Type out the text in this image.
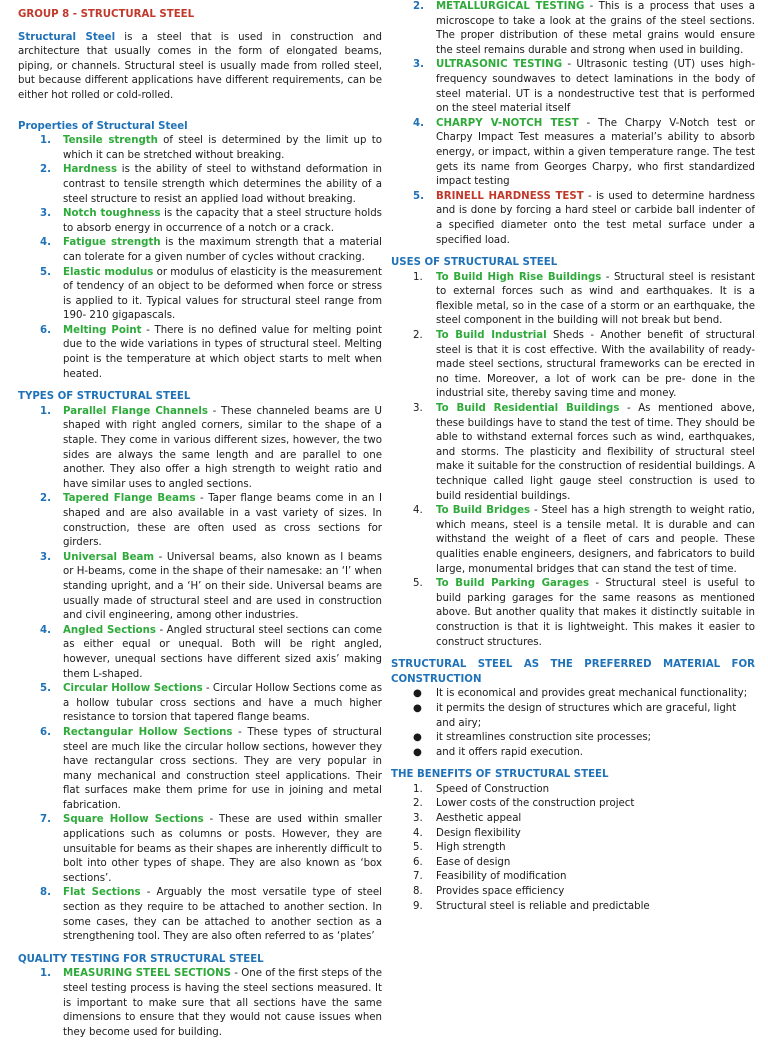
GROUP 8 - STRUCTURAL STEEL

Structural Steel is a steel that is used in construction and architecture that usually comes in the form of elongated beams, piping, or channels. Structural steel is usually made from rolled steel, but because different applications have different requirements, can be either hot rolled or cold-rolled.

Properties of Structural Steel

1. Tensile strength of steel is determined by the limit up to which it can be stretched without breaking.
2. Hardness is the ability of steel to withstand deformation in contrast to tensile strength which determines the ability of a steel structure to resist an applied load without breaking.
3. Notch toughness is the capacity that a steel structure holds to absorb energy in occurrence of a notch or a crack.
4. Fatigue strength is the maximum strength that a material can tolerate for a given number of cycles without cracking.
5. Elastic modulus or modulus of elasticity is the measurement of tendency of an object to be deformed when force or stress is applied to it. Typical values for structural steel range from 190- 210 gigapascals.
6. Melting Point - There is no defined value for melting point due to the wide variations in types of structural steel. Melting point is the temperature at which object starts to melt when heated.

TYPES OF STRUCTURAL STEEL

1. Parallel Flange Channels - These channeled beams are U shaped with right angled corners, similar to the shape of a staple. They come in various different sizes, however, the two sides are always the same length and are parallel to one another. They also offer a high strength to weight ratio and have similar uses to angled sections.
2. Tapered Flange Beams - Taper flange beams come in an I shaped and are also available in a vast variety of sizes. In construction, these are often used as cross sections for girders.
3. Universal Beam - Universal beams, also known as I beams or H-beams, come in the shape of their namesake: an ‘I’ when standing upright, and a ‘H’ on their side. Universal beams are usually made of structural steel and are used in construction and civil engineering, among other industries.
4. Angled Sections - Angled structural steel sections can come as either equal or unequal. Both will be right angled, however, unequal sections have different sized axis’ making them L-shaped.
5. Circular Hollow Sections - Circular Hollow Sections come as a hollow tubular cross sections and have a much higher resistance to torsion that tapered flange beams.
6. Rectangular Hollow Sections - These types of structural steel are much like the circular hollow sections, however they have rectangular cross sections. They are very popular in many mechanical and construction steel applications. Their flat surfaces make them prime for use in joining and metal fabrication.
7. Square Hollow Sections - These are used within smaller applications such as columns or posts. However, they are unsuitable for beams as their shapes are inherently difficult to bolt into other types of shape. They are also known as ‘box sections’.
8. Flat Sections - Arguably the most versatile type of steel section as they require to be attached to another section. In some cases, they can be attached to another section as a strengthening tool. They are also often referred to as ‘plates’

QUALITY TESTING FOR STRUCTURAL STEEL

1. MEASURING STEEL SECTIONS - One of the first steps of the steel testing process is having the steel sections measured. It is important to make sure that all sections have the same dimensions to ensure that they would not cause issues when they become used for building.
2. METALLURGICAL TESTING - This is a process that uses a microscope to take a look at the grains of the steel sections. The proper distribution of these metal grains would ensure the steel remains durable and strong when used in building.
3. ULTRASONIC TESTING - Ultrasonic testing (UT) uses high-frequency soundwaves to detect laminations in the body of steel material. UT is a nondestructive test that is performed on the steel material itself
4. CHARPY V-NOTCH TEST - The Charpy V-Notch test or Charpy Impact Test measures a material’s ability to absorb energy, or impact, within a given temperature range. The test gets its name from Georges Charpy, who first standardized impact testing
5. BRINELL HARDNESS TEST - is used to determine hardness and is done by forcing a hard steel or carbide ball indenter of a specified diameter onto the test metal surface under a specified load.

USES OF STRUCTURAL STEEL

1. To Build High Rise Buildings - Structural steel is resistant to external forces such as wind and earthquakes. It is a flexible metal, so in the case of a storm or an earthquake, the steel component in the building will not break but bend.
2. To Build Industrial Sheds - Another benefit of structural steel is that it is cost effective. With the availability of ready-made steel sections, structural frameworks can be erected in no time. Moreover, a lot of work can be pre- done in the industrial site, thereby saving time and money.
3. To Build Residential Buildings - As mentioned above, these buildings have to stand the test of time. They should be able to withstand external forces such as wind, earthquakes, and storms. The plasticity and flexibility of structural steel make it suitable for the construction of residential buildings. A technique called light gauge steel construction is used to build residential buildings.
4. To Build Bridges - Steel has a high strength to weight ratio, which means, steel is a tensile metal. It is durable and can withstand the weight of a fleet of cars and people. These qualities enable engineers, designers, and fabricators to build large, monumental bridges that can stand the test of time.
5. To Build Parking Garages - Structural steel is useful to build parking garages for the same reasons as mentioned above. But another quality that makes it distinctly suitable in construction is that it is lightweight. This makes it easier to construct structures.
STRUCTURAL STEEL AS THE PREFERRED MATERIAL FOR

CONSTRUCTION

● It is economical and provides great mechanical functionality;
● it permits the design of structures which are graceful, light and airy;
● it streamlines construction site processes;
● and it offers rapid execution.

THE BENEFITS OF STRUCTURAL STEEL

1. Speed of Construction
2. Lower costs of the construction project
3. Aesthetic appeal
4. Design flexibility
5. High strength
6. Ease of design
7. Feasibility of modification
8. Provides space efficiency
9. Structural steel is reliable and predictable
